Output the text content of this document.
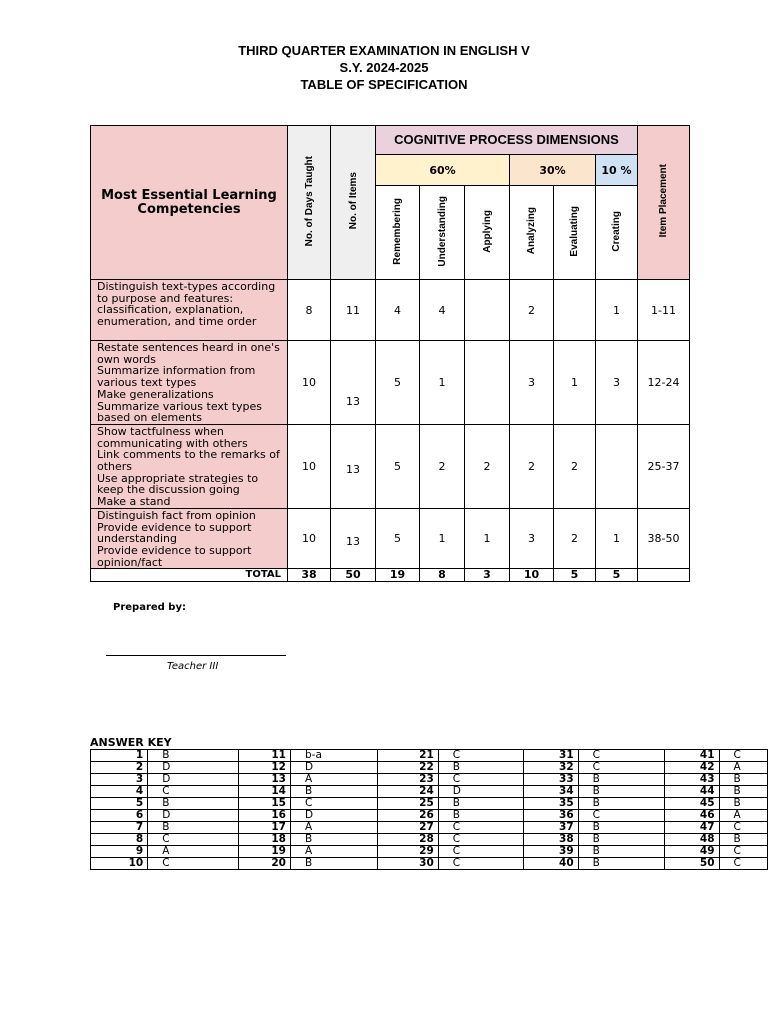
THIRD QUARTER EXAMINATION IN ENGLISH V
S.Y. 2024-2025
TABLE OF SPECIFICATION
Most Essential Learning Competencies	No. of Days Taught	No. of Items	COGNITIVE PROCESS DIMENSIONS						Item Placement
			60%			30%		10 %	
			Remembering	Understanding	Applying	Analyzing	Evaluating	Creating	

Distinguish text-types according to purpose and features: classification, explanation, enumeration, and time order	8	11	4	4		2		1	1-11

Restate sentences heard in one's own words
Summarize information from various text types
Make generalizations
Summarize various text types based on elements	10	13	5	1		3	1	3	12-24

Show tactfulness when communicating with others
Link comments to the remarks of others
Use appropriate strategies to keep the discussion going
Make a stand	10	13	5	2	2	2	2		25-37

Distinguish fact from opinion
Provide evidence to support understanding
Provide evidence to support opinion/fact	10	13	5	1	1	3	2	1	38-50
TOTAL	38	50	19	8	3	10	5	5	
Prepared by:
Teacher III
ANSWER KEY
1	B	11	b-a	21	C	31	C	41	C
2	D	12	D	22	B	32	C	42	A
3	D	13	A	23	C	33	B	43	B
4	C	14	B	24	D	34	B	44	B
5	B	15	C	25	B	35	B	45	B
6	D	16	D	26	B	36	C	46	A
7	B	17	A	27	C	37	B	47	C
8	C	18	B	28	C	38	B	48	B
9	A	19	A	29	C	39	B	49	C
10	C	20	B	30	C	40	B	50	C
